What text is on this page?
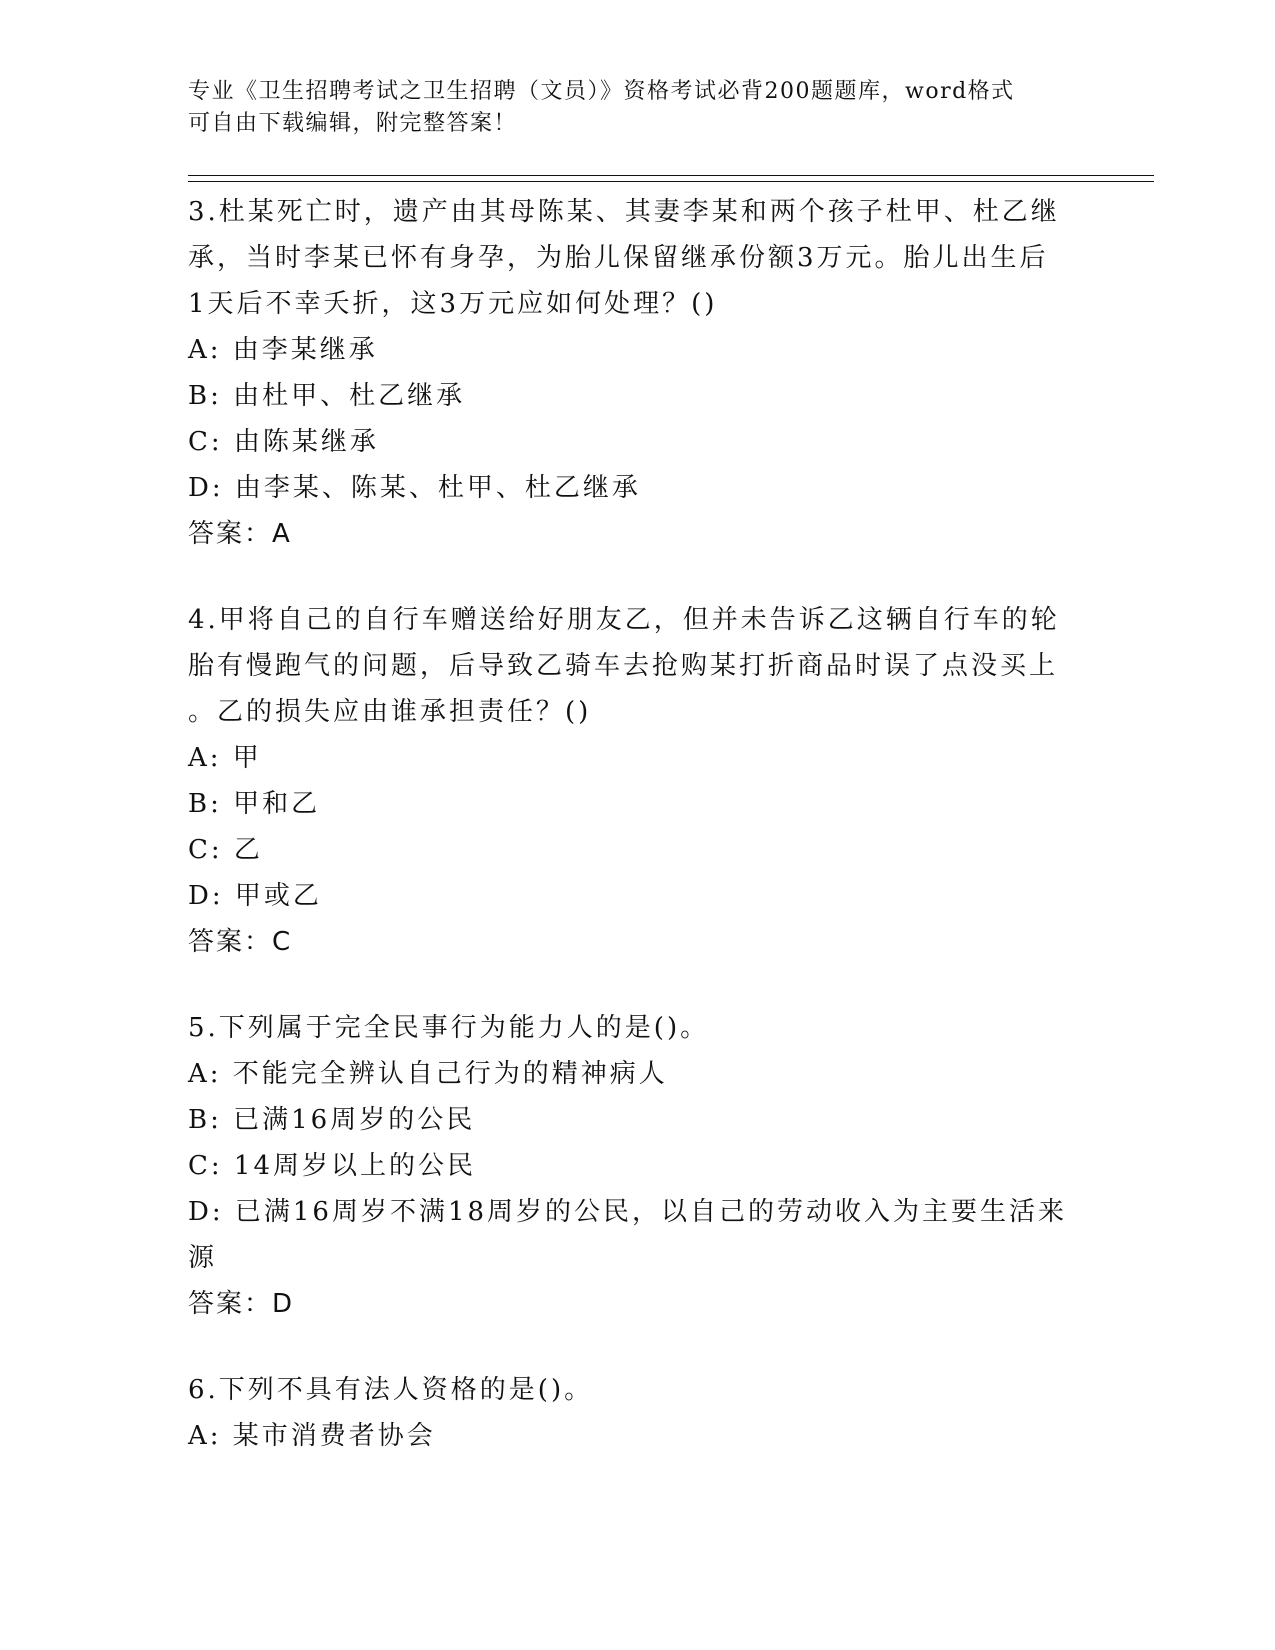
专业《卫生招聘考试之卫生招聘（文员）》资格考试必背200题题库，word格式
可自由下载编辑，附完整答案！
3.杜某死亡时，遗产由其母陈某、其妻李某和两个孩子杜甲、杜乙继
承，当时李某已怀有身孕，为胎儿保留继承份额3万元。胎儿出生后
1天后不幸夭折，这3万元应如何处理？()
A: 由李某继承
B: 由杜甲、杜乙继承
C: 由陈某继承
D: 由李某、陈某、杜甲、杜乙继承
答案：A
4.甲将自己的自行车赠送给好朋友乙，但并未告诉乙这辆自行车的轮
胎有慢跑气的问题，后导致乙骑车去抢购某打折商品时误了点没买上
。乙的损失应由谁承担责任？()
A: 甲
B: 甲和乙
C: 乙
D: 甲或乙
答案：C
5.下列属于完全民事行为能力人的是()。
A: 不能完全辨认自己行为的精神病人
B: 已满16周岁的公民
C: 14周岁以上的公民
D: 已满16周岁不满18周岁的公民，以自己的劳动收入为主要生活来
源
答案：D
6.下列不具有法人资格的是()。
A: 某市消费者协会
